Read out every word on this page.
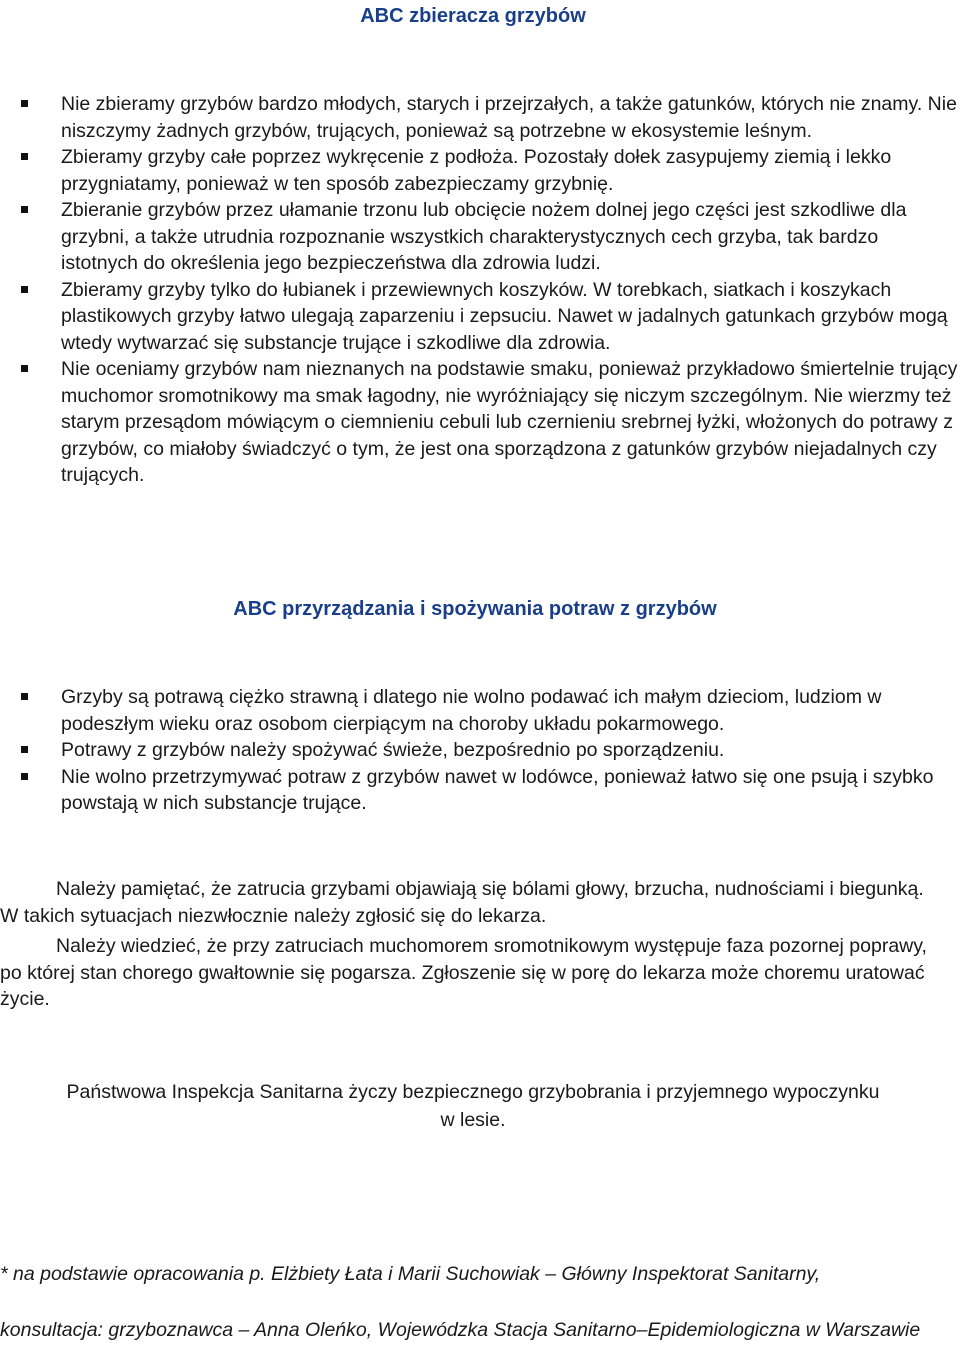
ABC zbieracza grzybów
Nie zbieramy grzybów bardzo młodych, starych i przejrzałych, a także gatunków, których nie znamy. Nie niszczymy żadnych grzybów, trujących, ponieważ są potrzebne w ekosystemie leśnym.
Zbieramy grzyby całe poprzez wykręcenie z podłoża. Pozostały dołek zasypujemy ziemią i lekko przygniatamy, ponieważ w ten sposób zabezpieczamy grzybnię.
Zbieranie grzybów przez ułamanie trzonu lub obcięcie nożem dolnej jego części jest szkodliwe dla grzybni, a także utrudnia rozpoznanie wszystkich charakterystycznych cech grzyba, tak bardzo istotnych do określenia jego bezpieczeństwa dla zdrowia ludzi.
Zbieramy grzyby tylko do łubianek i przewiewnych koszyków. W torebkach, siatkach i koszykach plastikowych grzyby łatwo ulegają zaparzeniu i zepsuciu. Nawet w jadalnych gatunkach grzybów mogą wtedy wytwarzać się substancje trujące i szkodliwe dla zdrowia.
Nie oceniamy grzybów nam nieznanych na podstawie smaku, ponieważ przykładowo śmiertelnie trujący muchomor sromotnikowy ma smak łagodny, nie wyróżniający się niczym szczególnym. Nie wierzmy też starym przesądom mówiącym o ciemnieniu cebuli lub czernieniu srebrnej łyżki, włożonych do potrawy z grzybów, co miałoby świadczyć o tym, że jest ona sporządzona z gatunków grzybów niejadalnych czy trujących.
ABC przyrządzania i spożywania potraw z grzybów
Grzyby są potrawą ciężko strawną i dlatego nie wolno podawać ich małym dzieciom, ludziom w podeszłym wieku oraz osobom cierpiącym na choroby układu pokarmowego.
Potrawy z grzybów należy spożywać świeże, bezpośrednio po sporządzeniu.
Nie wolno przetrzymywać potraw z grzybów nawet w lodówce, ponieważ łatwo się one psują i szybko powstają w nich substancje trujące.

Należy pamiętać, że zatrucia grzybami objawiają się bólami głowy, brzucha, nudnościami i biegunką. W takich sytuacjach niezwłocznie należy zgłosić się do lekarza.

Należy wiedzieć, że przy zatruciach muchomorem sromotnikowym występuje faza pozornej poprawy, po której stan chorego gwałtownie się pogarsza. Zgłoszenie się w porę do lekarza może choremu uratować życie.

Państwowa Inspekcja Sanitarna życzy bezpiecznego grzybobrania i przyjemnego wypoczynku
w lesie.

* na podstawie opracowania p. Elżbiety Łata i Marii Suchowiak – Główny Inspektorat Sanitarny,

konsultacja: grzyboznawca – Anna Oleńko, Wojewódzka Stacja Sanitarno–Epidemiologiczna w Warszawie
